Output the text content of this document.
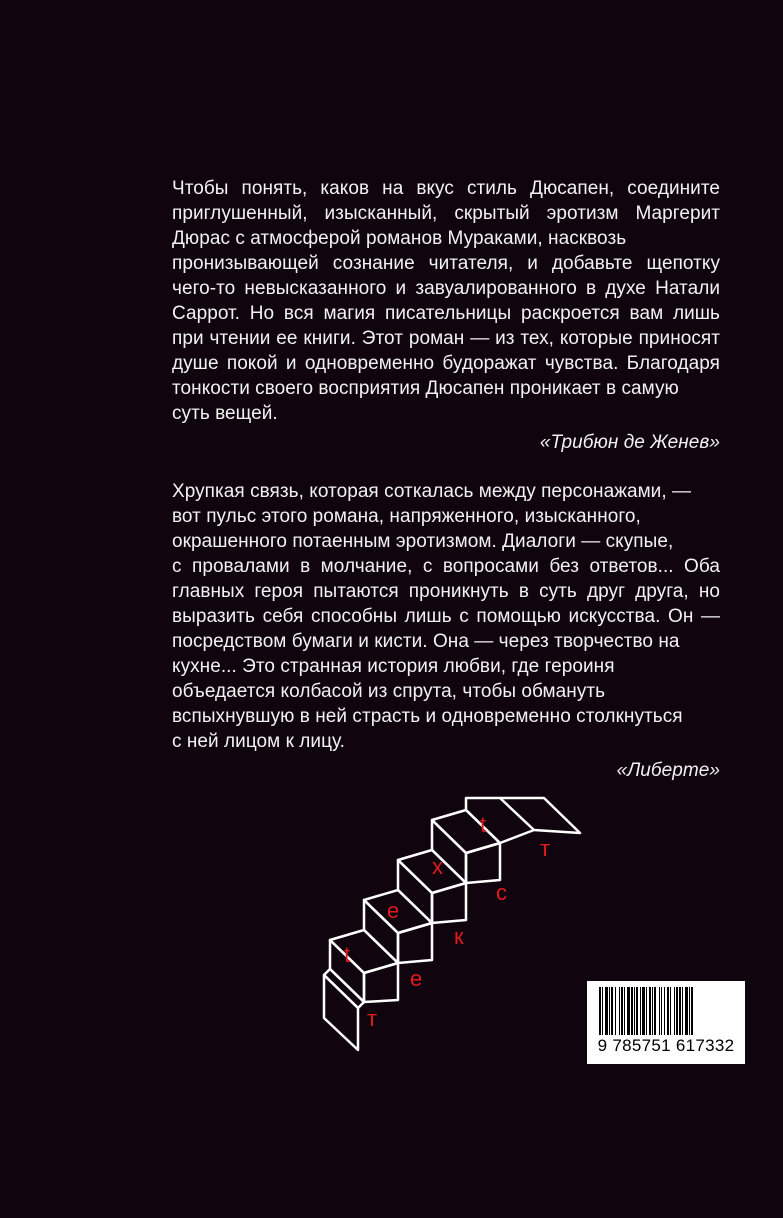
Чтобы понять, каков на вкус стиль Дюсапен, соедините
приглушенный, изысканный, скрытый эротизм Маргерит
Дюрас с атмосферой романов Мураками, насквозь
пронизывающей сознание читателя, и добавьте щепотку
чего-то невысказанного и завуалированного в духе Натали
Саррот. Но вся магия писательницы раскроется вам лишь
при чтении ее книги. Этот роман — из тех, которые приносят
душе покой и одновременно будоражат чувства. Благодаря
тонкости своего восприятия Дюсапен проникает в самую
суть вещей.
«Трибюн де Женев»
Хрупкая связь, которая соткалась между персонажами, —
вот пульс этого романа, напряженного, изысканного,
окрашенного потаенным эротизмом. Диалоги — скупые,
с провалами в молчание, с вопросами без ответов... Оба
главных героя пытаются проникнуть в суть друг друга, но
выразить себя способны лишь с помощью искусства. Он —
посредством бумаги и кисти. Она — через творчество на
кухне... Это странная история любви, где героиня
объедается колбасой из спрута, чтобы обмануть
вспыхнувшую в ней страсть и одновременно столкнуться
с ней лицом к лицу.
«Либерте»
t
e
x
t
т
е
к
с
т
9 785751 617332
